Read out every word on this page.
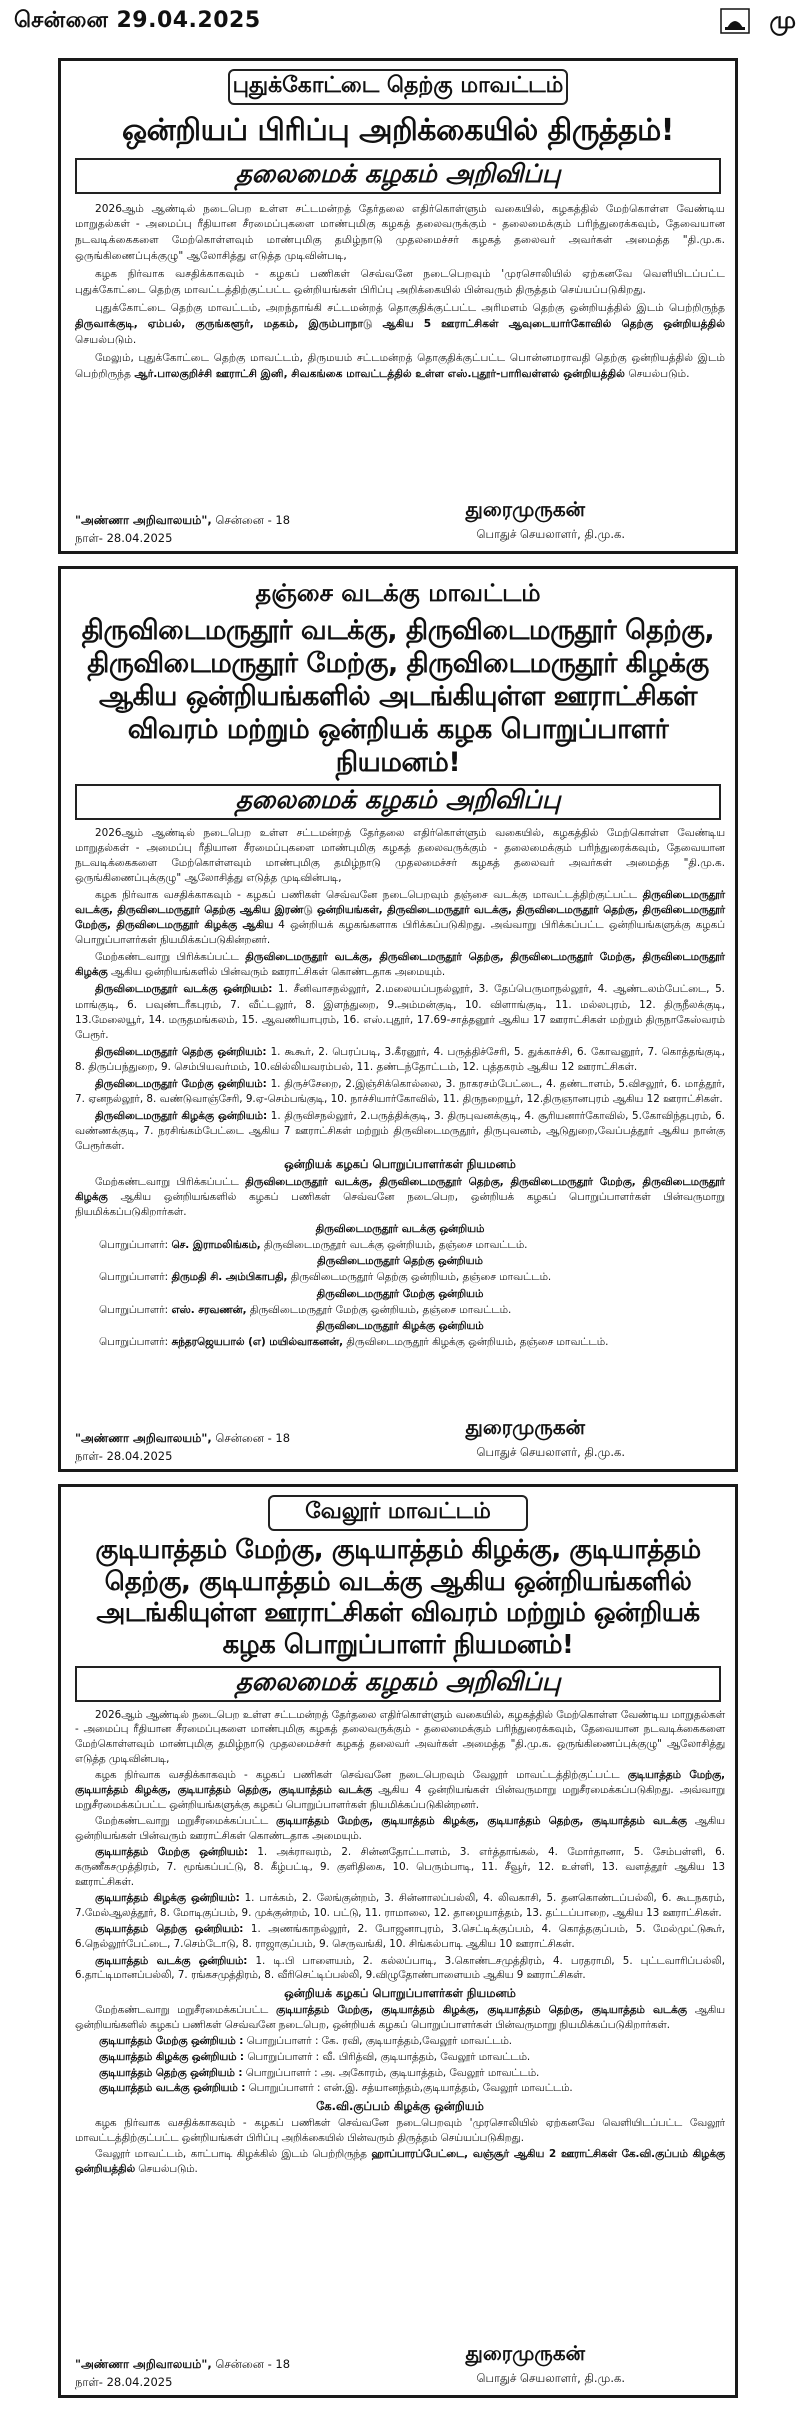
சென்னை 29.04.2025	மு
புதுக்கோட்டை தெற்கு மாவட்டம்
ஒன்றியப் பிரிப்பு அறிக்கையில் திருத்தம்!
தலைமைக் கழகம் அறிவிப்பு

2026ஆம் ஆண்டில் நடைபெற உள்ள சட்டமன்றத் தேர்தலை எதிர்கொள்ளும் வகையில், கழகத்தில் மேற்கொள்ள வேண்டிய மாறுதல்கள் - அமைப்பு ரீதியான சீரமைப்புகளை மாண்புமிகு கழகத் தலைவருக்கும் - தலைமைக்கும் பரிந்துரைக்கவும், தேவையான நடவடிக்கைகளை மேற்கொள்ளவும் மாண்புமிகு தமிழ்நாடு முதலமைச்சர் கழகத் தலைவர் அவர்கள் அமைத்த "தி.மு.க. ஒருங்கிணைப்புக்குழு" ஆலோசித்து எடுத்த முடிவின்படி,

கழக நிர்வாக வசதிக்காகவும் - கழகப் பணிகள் செவ்வனே நடைபெறவும் 'முரசொலியில் ஏற்கனவே வெளியிடப்பட்ட புதுக்கோட்டை தெற்கு மாவட்டத்திற்குட்பட்ட ஒன்றியங்கள் பிரிப்பு அறிக்கையில் பின்வரும் திருத்தம் செய்யப்படுகிறது.

புதுக்கோட்டை தெற்கு மாவட்டம், அறந்தாங்கி சட்டமன்றத் தொகுதிக்குட்பட்ட அரிமளம் தெற்கு ஒன்றியத்தில் இடம் பெற்றிருந்த திருவாக்குடி, ஏம்பல், குருங்களூர், மதகம், இரும்பாநாடு ஆகிய 5 ஊராட்சிகள் ஆவுடையார்கோவில் தெற்கு ஒன்றியத்தில் செயல்படும்.

மேலும், புதுக்கோட்டை தெற்கு மாவட்டம், திருமயம் சட்டமன்றத் தொகுதிக்குட்பட்ட பொன்னமராவதி தெற்கு ஒன்றியத்தில் இடம் பெற்றிருந்த ஆர்.பாலகுறிச்சி ஊராட்சி இனி, சிவகங்கை மாவட்டத்தில் உள்ள எஸ்.புதூர்-பாரிவள்ளல் ஒன்றியத்தில் செயல்படும்.

துரைமுருகன்
"அண்ணா அறிவாலயம்", சென்னை - 18
நாள்- 28.04.2025	பொதுச் செயலாளர், தி.மு.க.
தஞ்சை வடக்கு மாவட்டம்
திருவிடைமருதூர் வடக்கு, திருவிடைமருதூர் தெற்கு, திருவிடைமருதூர் மேற்கு, திருவிடைமருதூர் கிழக்கு ஆகிய ஒன்றியங்களில் அடங்கியுள்ள ஊராட்சிகள் விவரம் மற்றும் ஒன்றியக் கழக பொறுப்பாளர் நியமனம்!
தலைமைக் கழகம் அறிவிப்பு

2026ஆம் ஆண்டில் நடைபெற உள்ள சட்டமன்றத் தேர்தலை எதிர்கொள்ளும் வகையில், கழகத்தில் மேற்கொள்ள வேண்டிய மாறுதல்கள் - அமைப்பு ரீதியான சீரமைப்புகளை மாண்புமிகு கழகத் தலைவருக்கும் - தலைமைக்கும் பரிந்துரைக்கவும், தேவையான நடவடிக்கைகளை மேற்கொள்ளவும் மாண்புமிகு தமிழ்நாடு முதலமைச்சர் கழகத் தலைவர் அவர்கள் அமைத்த "தி.மு.க. ஒருங்கிணைப்புக்குழு" ஆலோசித்து எடுத்த முடிவின்படி,

கழக நிர்வாக வசதிக்காகவும் - கழகப் பணிகள் செவ்வனே நடைபெறவும் தஞ்சை வடக்கு மாவட்டத்திற்குட்பட்ட திருவிடைமருதூர் வடக்கு, திருவிடைமருதூர் தெற்கு ஆகிய இரண்டு ஒன்றியங்கள், திருவிடைமருதூர் வடக்கு, திருவிடைமருதூர் தெற்கு, திருவிடைமருதூர் மேற்கு, திருவிடைமருதூர் கிழக்கு ஆகிய 4 ஒன்றியக் கழகங்களாக பிரிக்கப்படுகிறது. அவ்வாறு பிரிக்கப்பட்ட ஒன்றியங்களுக்கு கழகப் பொறுப்பாளர்கள் நியமிக்கப்படுகின்றனர்.

மேற்கண்டவாறு பிரிக்கப்பட்ட திருவிடைமருதூர் வடக்கு, திருவிடைமருதூர் தெற்கு, திருவிடைமருதூர் மேற்கு, திருவிடைமருதூர் கிழக்கு ஆகிய ஒன்றியங்களில் பின்வரும் ஊராட்சிகள் கொண்டதாக அமையும்.

திருவிடைமருதூர் வடக்கு ஒன்றியம்: 1. சீனிவாசநல்லூர், 2.மலையப்பநல்லூர், 3. தேப்பெருமாநல்லூர், 4. ஆண்டலம்பேட்டை, 5. மாங்குடி, 6. பவுண்டரீகபுரம், 7. வீட்டலூர், 8. இளந்துறை, 9.அம்மன்குடி, 10. விளாங்குடி, 11. மல்லபுரம், 12. திருநீலக்குடி, 13.மேலையூர், 14. மருதமங்கலம், 15. ஆவணியாபுரம், 16. எஸ்.புதூர், 17.69-சாத்தனூர் ஆகிய 17 ஊராட்சிகள் மற்றும் திருநாகேஸ்வரம் பேரூர்.

திருவிடைமருதூர் தெற்கு ஒன்றியம்: 1. கூகூர், 2. பெரப்படி, 3.கீரனூர், 4. பருத்திச்சேரி, 5. துக்காச்சி, 6. கோவனூர், 7. கொத்தங்குடி, 8. திருப்பந்துறை, 9. செம்பியவர்மம், 10.வில்லியவரம்பல், 11. தண்டந்தோட்டம், 12. புத்தகரம் ஆகிய 12 ஊராட்சிகள்.

திருவிடைமருதூர் மேற்கு ஒன்றியம்: 1. திருச்சேறை, 2.இஞ்சிக்கொல்லை, 3. நாகரசம்பேட்டை, 4. தண்டாளம், 5.விசலூர், 6. மாத்தூர், 7. ஏனநல்லூர், 8. வண்டுவாஞ்சேரி, 9.ஏ-செம்பங்குடி, 10. நாச்சியார்கோவில், 11. திருநறையூர், 12.திருஞானபுரம் ஆகிய 12 ஊராட்சிகள்.

திருவிடைமருதூர் கிழக்கு ஒன்றியம்: 1. திருவிசநல்லூர், 2.பருத்திக்குடி, 3. திருபுவனக்குடி, 4. சூரியனார்கோவில், 5.கோவிந்தபுரம், 6. வண்ணக்குடி, 7. நரசிங்கம்பேட்டை ஆகிய 7 ஊராட்சிகள் மற்றும் திருவிடைமருதூர், திருபுவனம், ஆடுதுறை,வேப்பத்தூர் ஆகிய நான்கு பேரூர்கள்.

ஒன்றியக் கழகப் பொறுப்பாளர்கள் நியமனம்

மேற்கண்டவாறு பிரிக்கப்பட்ட திருவிடைமருதூர் வடக்கு, திருவிடைமருதூர் தெற்கு, திருவிடைமருதூர் மேற்கு, திருவிடைமருதூர் கிழக்கு ஆகிய ஒன்றியங்களில் கழகப் பணிகள் செவ்வனே நடைபெற, ஒன்றியக் கழகப் பொறுப்பாளர்கள் பின்வருமாறு நியமிக்கப்படுகிறார்கள்.

திருவிடைமருதூர் வடக்கு ஒன்றியம்
பொறுப்பாளர்: செ. இராமலிங்கம், திருவிடைமருதூர் வடக்கு ஒன்றியம், தஞ்சை மாவட்டம்.
திருவிடைமருதூர் தெற்கு ஒன்றியம்
பொறுப்பாளர்: திருமதி சி. அம்பிகாபதி, திருவிடைமருதூர் தெற்கு ஒன்றியம், தஞ்சை மாவட்டம்.
திருவிடைமருதூர் மேற்கு ஒன்றியம்
பொறுப்பாளர்: எஸ். சரவணன், திருவிடைமருதூர் மேற்கு ஒன்றியம், தஞ்சை மாவட்டம்.
திருவிடைமருதூர் கிழக்கு ஒன்றியம்
பொறுப்பாளர்: சுந்தரஜெயபால் (எ) மயில்வாகனன், திருவிடைமருதூர் கிழக்கு ஒன்றியம், தஞ்சை மாவட்டம்.
துரைமுருகன்
"அண்ணா அறிவாலயம்", சென்னை - 18
நாள்- 28.04.2025	பொதுச் செயலாளர், தி.மு.க.
வேலூர் மாவட்டம்
குடியாத்தம் மேற்கு, குடியாத்தம் கிழக்கு, குடியாத்தம் தெற்கு, குடியாத்தம் வடக்கு ஆகிய ஒன்றியங்களில் அடங்கியுள்ள ஊராட்சிகள் விவரம் மற்றும் ஒன்றியக் கழக பொறுப்பாளர் நியமனம்!
தலைமைக் கழகம் அறிவிப்பு

2026ஆம் ஆண்டில் நடைபெற உள்ள சட்டமன்றத் தேர்தலை எதிர்கொள்ளும் வகையில், கழகத்தில் மேற்கொள்ள வேண்டிய மாறுதல்கள் - அமைப்பு ரீதியான சீரமைப்புகளை மாண்புமிகு கழகத் தலைவருக்கும் - தலைமைக்கும் பரிந்துரைக்கவும், தேவையான நடவடிக்கைகளை மேற்கொள்ளவும் மாண்புமிகு தமிழ்நாடு முதலமைச்சர் கழகத் தலைவர் அவர்கள் அமைத்த "தி.மு.க. ஒருங்கிணைப்புக்குழு" ஆலோசித்து எடுத்த முடிவின்படி,

கழக நிர்வாக வசதிக்காகவும் - கழகப் பணிகள் செவ்வனே நடைபெறவும் வேலூர் மாவட்டத்திற்குட்பட்ட குடியாத்தம் மேற்கு, குடியாத்தம் கிழக்கு, குடியாத்தம் தெற்கு, குடியாத்தம் வடக்கு ஆகிய 4 ஒன்றியங்கள் பின்வருமாறு மறுசீரமைக்கப்படுகிறது. அவ்வாறு மறுசீரமைக்கப்பட்ட ஒன்றியங்களுக்கு கழகப் பொறுப்பாளர்கள் நியமிக்கப்படுகின்றனர்.

மேற்கண்டவாறு மறுசீரமைக்கப்பட்ட குடியாத்தம் மேற்கு, குடியாத்தம் கிழக்கு, குடியாத்தம் தெற்கு, குடியாத்தம் வடக்கு ஆகிய ஒன்றியங்கள் பின்வரும் ஊராட்சிகள் கொண்டதாக அமையும்.

குடியாத்தம் மேற்கு ஒன்றியம்: 1. அக்ராவரம், 2. சின்னதோட்டாளம், 3. எர்த்தாங்கல், 4. மோர்தானா, 5. சேம்பள்ளி, 6. கருணீகசமுத்திரம், 7. மூங்கப்பட்டு, 8. கீழ்பட்டி, 9. குளிதிகை, 10. பெரும்பாடி, 11. சீவூர், 12. உள்ளி, 13. வளத்தூர் ஆகிய 13 ஊராட்சிகள்.

குடியாத்தம் கிழக்கு ஒன்றியம்: 1. பாக்கம், 2. லேங்குன்றம், 3. சின்னாலப்பல்லி, 4. லிவகாசி, 5. தனகொண்டப்பல்லி, 6. கூடநகரம், 7.மேல்ஆலத்தூர், 8. மோடிகுப்பம், 9. முக்குன்றம், 10. பட்டு, 11. ராமாலை, 12. தாழையாத்தம், 13. தட்டப்பாறை, ஆகிய 13 ஊராட்சிகள்.

குடியாத்தம் தெற்கு ஒன்றியம்: 1. அணங்காநல்லூர், 2. போஜனாபுரம், 3.செட்டிக்குப்பம், 4. கொத்தகுப்பம், 5. மேல்முட்டுகூர், 6.நெல்லூர்பேட்டை, 7.செம்டோடு, 8. ராஜாகுப்பம், 9. செருவங்கி, 10. சிங்கல்பாடி ஆகிய 10 ஊராட்சிகள்.

குடியாத்தம் வடக்கு ஒன்றியம்: 1. டி.பி பாளையம், 2. கல்லப்பாடி, 3.கொண்டசமுத்திரம், 4. பரதராமி, 5. புட்டவாரிப்பல்லி, 6.தாட்டிமானப்பல்லி, 7. ரங்கசமுத்திரம், 8. வீரிசெட்டிப்பல்லி, 9.விழுதோண்பாளையம் ஆகிய 9 ஊராட்சிகள்.

ஒன்றியக் கழகப் பொறுப்பாளர்கள் நியமனம்

மேற்கண்டவாறு மறுசீரமைக்கப்பட்ட குடியாத்தம் மேற்கு, குடியாத்தம் கிழக்கு, குடியாத்தம் தெற்கு, குடியாத்தம் வடக்கு ஆகிய ஒன்றியங்களில் கழகப் பணிகள் செவ்வனே நடைபெற, ஒன்றியக் கழகப் பொறுப்பாளர்கள் பின்வருமாறு நியமிக்கப்படுகிறார்கள்.

குடியாத்தம் மேற்கு ஒன்றியம் : பொறுப்பாளர் : கே. ரவி, குடியாத்தம்,வேலூர் மாவட்டம்.
குடியாத்தம் கிழக்கு ஒன்றியம் : பொறுப்பாளர் : வீ. பிரித்வி, குடியாத்தம், வேலூர் மாவட்டம்.
குடியாத்தம் தெற்கு ஒன்றியம் : பொறுப்பாளர் : அ. அகோரம், குடியாத்தம், வேலூர் மாவட்டம்.
குடியாத்தம் வடக்கு ஒன்றியம் : பொறுப்பாளர் : என்.இ. சத்யானந்தம்,குடியாத்தம், வேலூர் மாவட்டம்.
கே.வி.குப்பம் கிழக்கு ஒன்றியம்

கழக நிர்வாக வசதிக்காகவும் - கழகப் பணிகள் செவ்வனே நடைபெறவும் 'முரசொலியில் ஏற்கனவே வெளியிடப்பட்ட வேலூர் மாவட்டத்திற்குட்பட்ட ஒன்றியங்கள் பிரிப்பு அறிக்கையில் பின்வரும் திருத்தம் செய்யப்படுகிறது.

வேலூர் மாவட்டம், காட்பாடி கிழக்கில் இடம் பெற்றிருந்த ஹாப்பாரப்பேட்டை, வஞ்சூர் ஆகிய 2 ஊராட்சிகள் கே.வி.குப்பம் கிழக்கு ஒன்றியத்தில் செயல்படும்.

துரைமுருகன்
"அண்ணா அறிவாலயம்", சென்னை - 18
நாள்- 28.04.2025	பொதுச் செயலாளர், தி.மு.க.
